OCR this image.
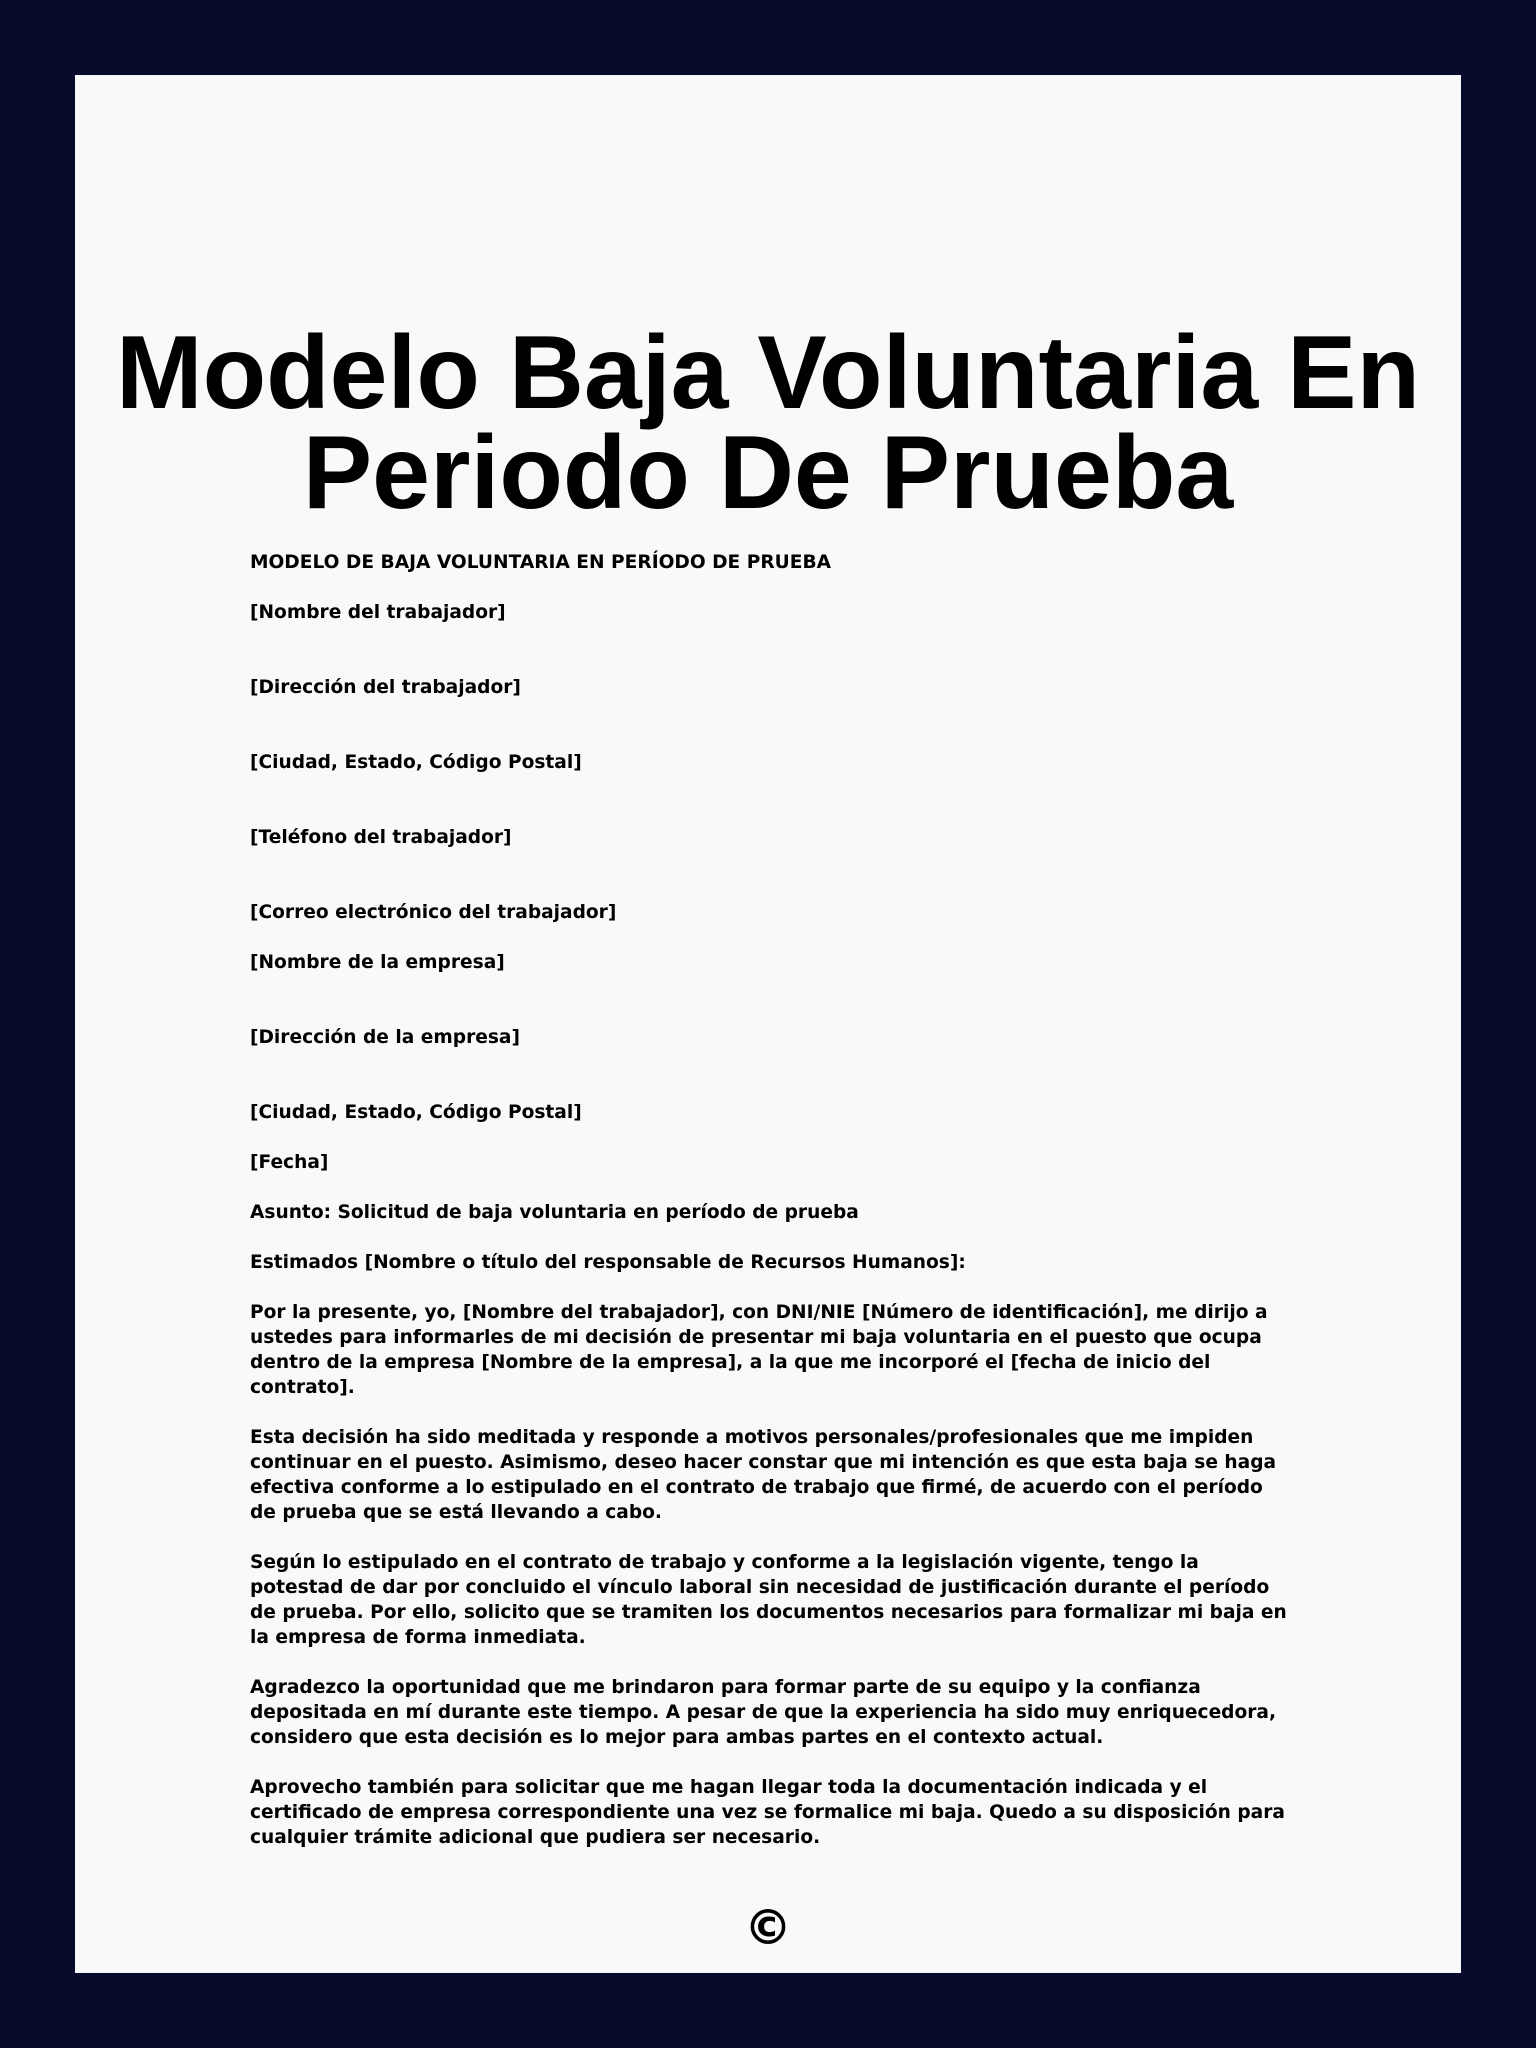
Modelo Baja Voluntaria En Periodo De Prueba
MODELO DE BAJA VOLUNTARIA EN PERÍODO DE PRUEBA
[Nombre del trabajador]
[Dirección del trabajador]
[Ciudad, Estado, Código Postal]
[Teléfono del trabajador]
[Correo electrónico del trabajador]
[Nombre de la empresa]
[Dirección de la empresa]
[Ciudad, Estado, Código Postal]
[Fecha]
Asunto: Solicitud de baja voluntaria en período de prueba
Estimados [Nombre o título del responsable de Recursos Humanos]:

Por la presente, yo, [Nombre del trabajador], con DNI/NIE [Número de identificación], me dirijo a ustedes para informarles de mi decisión de presentar mi baja voluntaria en el puesto que ocupa dentro de la empresa [Nombre de la empresa], a la que me incorporé el [fecha de inicio del contrato].

Esta decisión ha sido meditada y responde a motivos personales/profesionales que me impiden continuar en el puesto. Asimismo, deseo hacer constar que mi intención es que esta baja se haga efectiva conforme a lo estipulado en el contrato de trabajo que firmé, de acuerdo con el período de prueba que se está llevando a cabo.

Según lo estipulado en el contrato de trabajo y conforme a la legislación vigente, tengo la potestad de dar por concluido el vínculo laboral sin necesidad de justificación durante el período de prueba. Por ello, solicito que se tramiten los documentos necesarios para formalizar mi baja en la empresa de forma inmediata.

Agradezco la oportunidad que me brindaron para formar parte de su equipo y la confianza depositada en mí durante este tiempo. A pesar de que la experiencia ha sido muy enriquecedora, considero que esta decisión es lo mejor para ambas partes en el contexto actual.

Aprovecho también para solicitar que me hagan llegar toda la documentación indicada y el certificado de empresa correspondiente una vez se formalice mi baja. Quedo a su disposición para cualquier trámite adicional que pudiera ser necesario.

©
